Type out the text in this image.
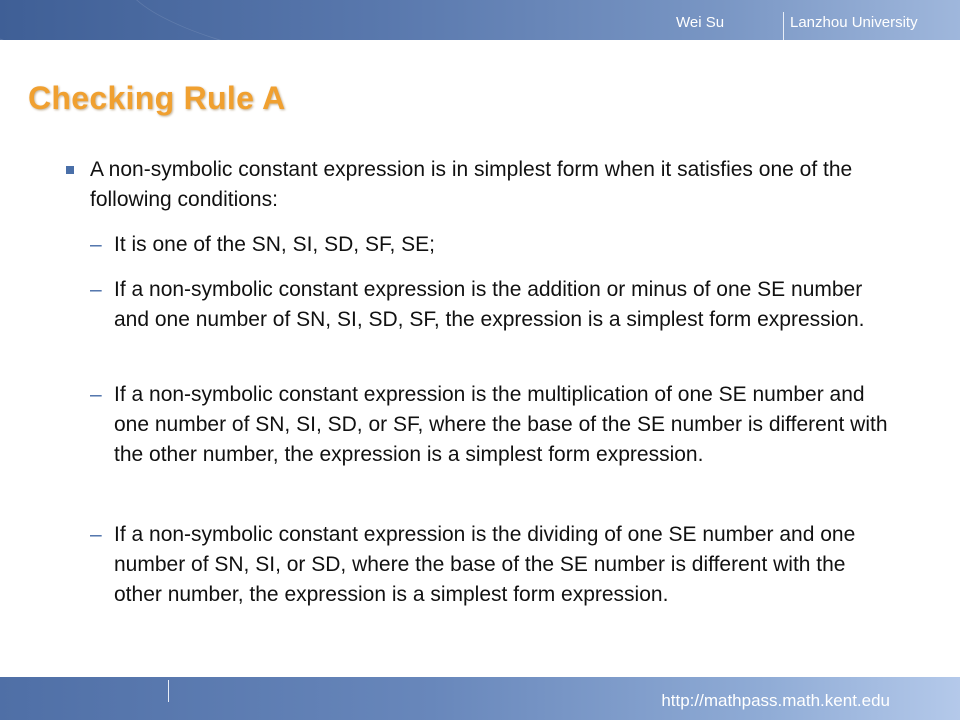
Wei Su	Lanzhou University
Checking Rule A
A non-symbolic constant expression is in simplest form when it satisfies one of the following conditions:
– It is one of the SN, SI, SD, SF, SE;
– If a non-symbolic constant expression is the addition or minus of one SE number and one number of SN, SI, SD, SF, the expression is a simplest form expression.
– If a non-symbolic constant expression is the multiplication of one SE number and one number of SN, SI, SD, or SF, where the base of the SE number is different with the other number, the expression is a simplest form expression.
– If a non-symbolic constant expression is the dividing of one SE number and one number of SN, SI, or SD, where the base of the SE number is different with the other number, the expression is a simplest form expression.
http://mathpass.math.kent.edu
